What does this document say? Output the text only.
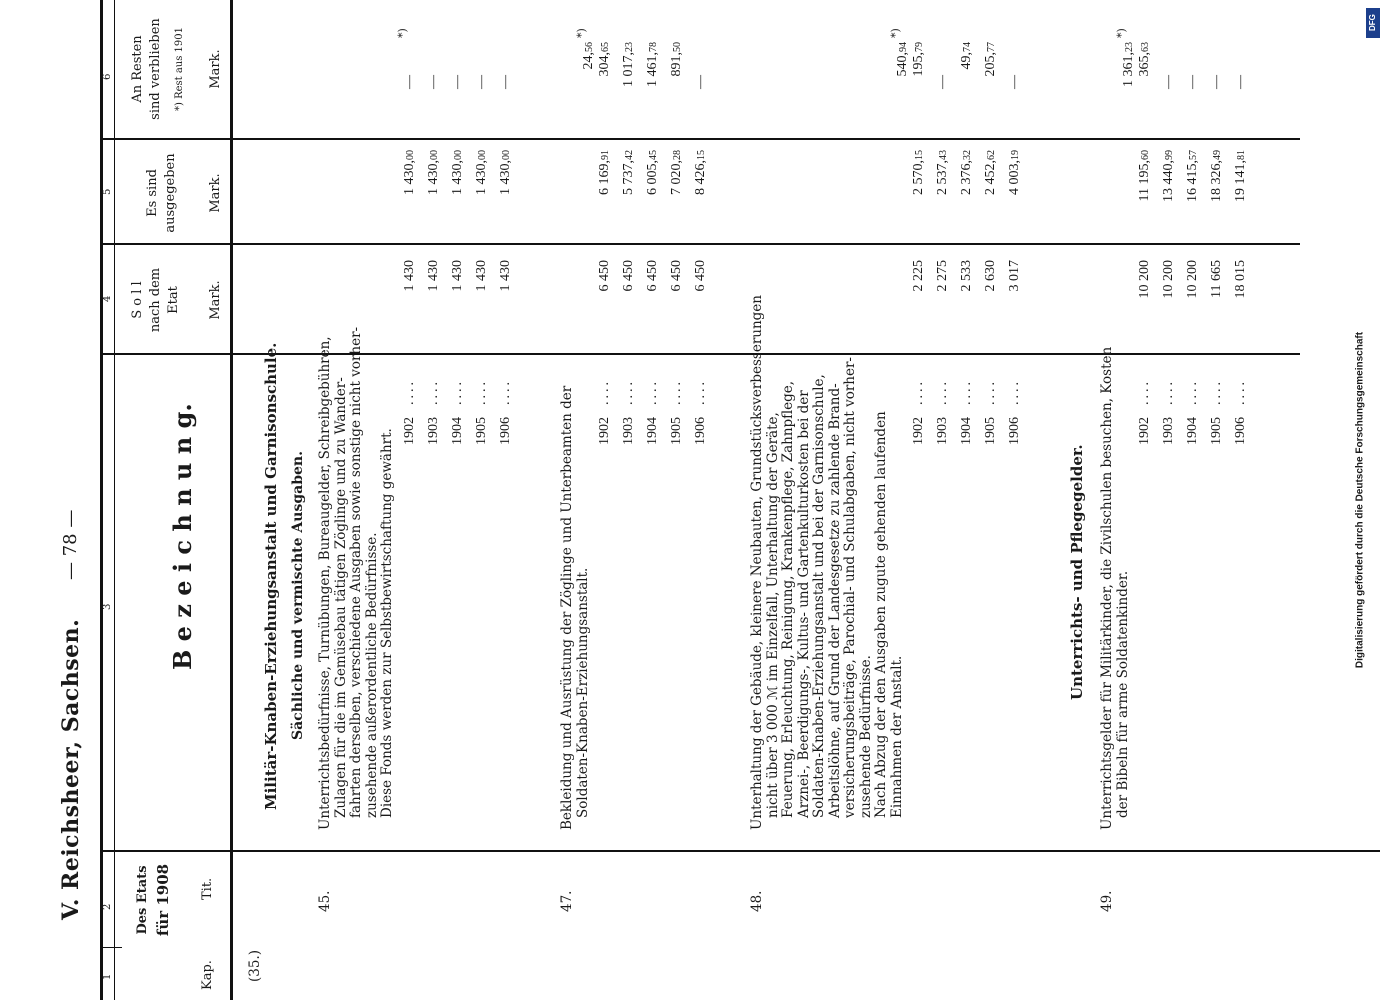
Digitalisierung gefördert durch die Deutsche Forschungsgemeinschaft
DFG
V. Reichsheer, Sachsen.
— 78 —
1
2
3
4
5
6
Des Etats für 1908
Kap.
Tit.
B e z e i c h n u n g.
S o l l nach dem Etat Mark.
Es sind ausgegeben Mark.
An Resten sind verblieben *) Rest aus 1901 Mark.
(35.)
Militär-Knaben-Erziehungsanstalt und Garnisonschule. Sächliche und vermischte Ausgaben.
45.
Unterrichtsbedürfnisse, Turnübungen, Bureaugelder, Schreibgebühren, Zulagen für die im Gemüsebau tätigen Zöglinge und zu Wander- fahrten derselben, verschiedene Ausgaben sowie sonstige nicht vorher- zusehende außerordentliche Bedürfnisse. Diese Fonds werden zur Selbstbewirtschaftung gewährt. 1902
....
1 430
1 430,00
—
*)
1903
....
1 430
1 430,00
—
1904
....
1 430
1 430,00
—
1905
....
1 430
1 430,00
—
1906
....
1 430
1 430,00
—
47.
Bekleidung und Ausrüstung der Zöglinge und Unterbeamten der Soldaten-Knaben-Erziehungsanstalt.
24,56
*)
1902
....
6 450
6 169,91
304,65
1903
....
6 450
5 737,42
1 017,23
1904
....
6 450
6 005,45
1 461,78
1905
....
6 450
7 020,28
891,50
1906
....
6 450
8 426,15
—
48.
Unterhaltung der Gebäude, kleinere Neubauten, Grundstücksverbesserungen nicht über 3 000 ℳ im Einzelfall, Unterhaltung der Geräte, Feuerung, Erleuchtung, Reinigung, Krankenpflege, Zahnpflege, Arznei-, Beerdigungs-, Kultus- und Gartenkulturkosten bei der Soldaten-Knaben-Erziehungsanstalt und bei der Garnisonschule, Arbeitslöhne, auf Grund der Landesgesetze zu zahlende Brand- versicherungsbeiträge, Parochial- und Schulabgaben, nicht vorher- zusehende Bedürfnisse. Nach Abzug der den Ausgaben zugute gehenden laufenden Einnahmen der Anstalt.
540,94
*)
1902
....
2 225
2 570,15
195,79
1903
....
2 275
2 537,43
—
1904
....
2 533
2 376,32
49,74
1905
....
2 630
2 452,62
205,77
1906
....
3 017
4 003,19
—
Unterrichts- und Pflegegelder.
49.
Unterrichtsgelder für Militärkinder, die Zivilschulen besuchen, Kosten der Bibeln für arme Soldatenkinder.
1 361,23
*)
1902
....
10 200
11 195,60
365,63
1903
....
10 200
13 440,99
—
1904
....
10 200
16 415,57
—
1905
....
11 665
18 326,49
—
1906
....
18 015
19 141,81
—
